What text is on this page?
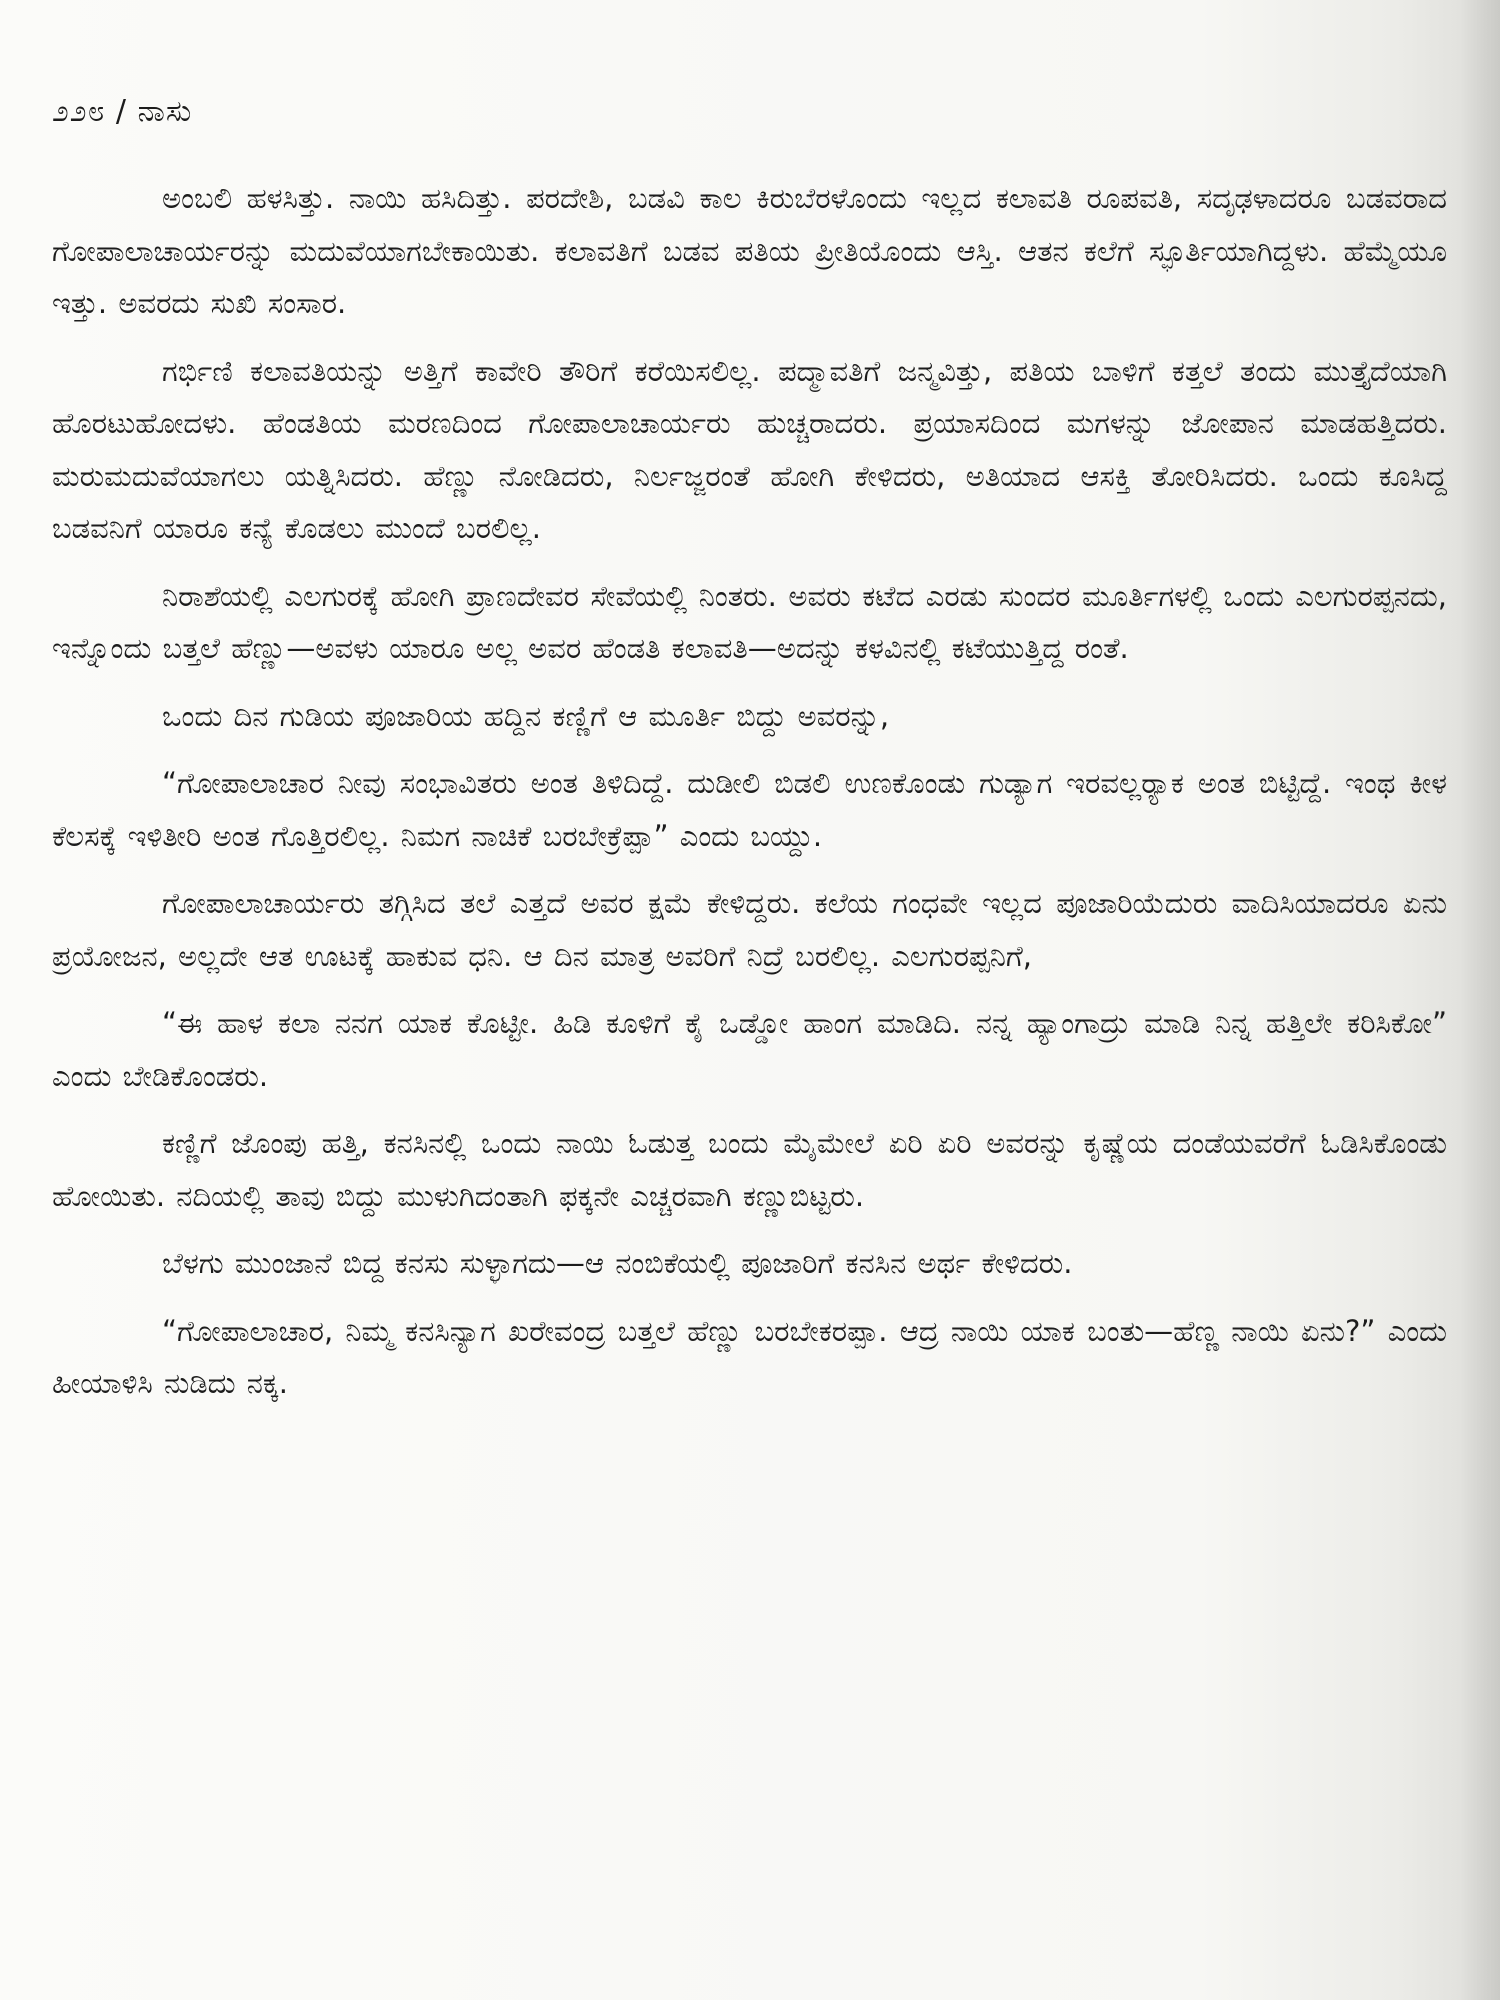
೨೨೮ / ನಾಸು

ಅಂಬಲಿ ಹಳಸಿತ್ತು. ನಾಯಿ ಹಸಿದಿತ್ತು. ಪರದೇಶಿ, ಬಡವಿ ಕಾಲ ಕಿರುಬೆರಳೊಂದು ಇಲ್ಲದ ಕಲಾವತಿ ರೂಪವತಿ, ಸದೃಢಳಾದರೂ ಬಡವರಾದ ಗೋಪಾಲಾಚಾರ್ಯರನ್ನು ಮದುವೆಯಾಗಬೇಕಾಯಿತು. ಕಲಾವತಿಗೆ ಬಡವ ಪತಿಯ ಪ್ರೀತಿಯೊಂದು ಆಸ್ತಿ. ಆತನ ಕಲೆಗೆ ಸ್ಫೂರ್ತಿಯಾಗಿದ್ದಳು. ಹೆಮ್ಮೆಯೂ ಇತ್ತು. ಅವರದು ಸುಖಿ ಸಂಸಾರ.

ಗರ್ಭಿಣಿ ಕಲಾವತಿಯನ್ನು ಅತ್ತಿಗೆ ಕಾವೇರಿ ತೌರಿಗೆ ಕರೆಯಿಸಲಿಲ್ಲ. ಪದ್ಮಾವತಿಗೆ ಜನ್ಮವಿತ್ತು, ಪತಿಯ ಬಾಳಿಗೆ ಕತ್ತಲೆ ತಂದು ಮುತ್ತೈದೆಯಾಗಿ ಹೊರಟುಹೋದಳು. ಹೆಂಡತಿಯ ಮರಣದಿಂದ ಗೋಪಾಲಾಚಾರ್ಯರು ಹುಚ್ಚರಾದರು. ಪ್ರಯಾಸದಿಂದ ಮಗಳನ್ನು ಜೋಪಾನ ಮಾಡಹತ್ತಿದರು. ಮರುಮದುವೆಯಾಗಲು ಯತ್ನಿಸಿದರು. ಹೆಣ್ಣು ನೋಡಿದರು, ನಿರ್ಲಜ್ಜರಂತೆ ಹೋಗಿ ಕೇಳಿದರು, ಅತಿಯಾದ ಆಸಕ್ತಿ ತೋರಿಸಿದರು. ಒಂದು ಕೂಸಿದ್ದ ಬಡವನಿಗೆ ಯಾರೂ ಕನ್ಯೆ ಕೊಡಲು ಮುಂದೆ ಬರಲಿಲ್ಲ.

ನಿರಾಶೆಯಲ್ಲಿ ಎಲಗುರಕ್ಕೆ ಹೋಗಿ ಪ್ರಾಣದೇವರ ಸೇವೆಯಲ್ಲಿ ನಿಂತರು. ಅವರು ಕಟೆದ ಎರಡು ಸುಂದರ ಮೂರ್ತಿಗಳಲ್ಲಿ ಒಂದು ಎಲಗುರಪ್ಪನದು, ಇನ್ನೊಂದು ಬತ್ತಲೆ ಹೆಣ್ಣು—ಅವಳು ಯಾರೂ ಅಲ್ಲ ಅವರ ಹೆಂಡತಿ ಕಲಾವತಿ—ಅದನ್ನು ಕಳವಿನಲ್ಲಿ ಕಟೆಯುತ್ತಿದ್ದ ರಂತೆ.

ಒಂದು ದಿನ ಗುಡಿಯ ಪೂಜಾರಿಯ ಹದ್ದಿನ ಕಣ್ಣಿಗೆ ಆ ಮೂರ್ತಿ ಬಿದ್ದು ಅವರನ್ನು,

“ಗೋಪಾಲಾಚಾರ ನೀವು ಸಂಭಾವಿತರು ಅಂತ ತಿಳಿದಿದ್ದೆ. ದುಡೀಲಿ ಬಿಡಲಿ ಉಣಕೊಂಡು ಗುಡ್ಯಾಗ ಇರವಲ್ಲರ‍್ಯಾಕ ಅಂತ ಬಿಟ್ಟಿದ್ದೆ. ಇಂಥ ಕೀಳ ಕೆಲಸಕ್ಕೆ ಇಳಿತೀರಿ ಅಂತ ಗೊತ್ತಿರಲಿಲ್ಲ. ನಿಮಗ ನಾಚಿಕೆ ಬರಬೇಕ್ರೆಪ್ಪಾ” ಎಂದು ಬಯ್ದು.

ಗೋಪಾಲಾಚಾರ್ಯರು ತಗ್ಗಿಸಿದ ತಲೆ ಎತ್ತದೆ ಅವರ ಕ್ಷಮೆ ಕೇಳಿದ್ದರು. ಕಲೆಯ ಗಂಧವೇ ಇಲ್ಲದ ಪೂಜಾರಿಯೆದುರು ವಾದಿಸಿಯಾದರೂ ಏನು ಪ್ರಯೋಜನ, ಅಲ್ಲದೇ ಆತ ಊಟಕ್ಕೆ ಹಾಕುವ ಧನಿ. ಆ ದಿನ ಮಾತ್ರ ಅವರಿಗೆ ನಿದ್ರೆ ಬರಲಿಲ್ಲ. ಎಲಗುರಪ್ಪನಿಗೆ,

“ಈ ಹಾಳ ಕಲಾ ನನಗ ಯಾಕ ಕೊಟ್ಟೀ. ಹಿಡಿ ಕೂಳಿಗೆ ಕೈ ಒಡ್ಡೋ ಹಾಂಗ ಮಾಡಿದಿ. ನನ್ನ ಹ್ಯಾಂಗಾದ್ರು ಮಾಡಿ ನಿನ್ನ ಹತ್ತಿಲೇ ಕರಿಸಿಕೋ” ಎಂದು ಬೇಡಿಕೊಂಡರು.

ಕಣ್ಣಿಗೆ ಜೊಂಪು ಹತ್ತಿ, ಕನಸಿನಲ್ಲಿ ಒಂದು ನಾಯಿ ಓಡುತ್ತ ಬಂದು ಮೈಮೇಲೆ ಏರಿ ಏರಿ ಅವರನ್ನು ಕೃಷ್ಣೆಯ ದಂಡೆಯವರೆಗೆ ಓಡಿಸಿಕೊಂಡು ಹೋಯಿತು. ನದಿಯಲ್ಲಿ ತಾವು ಬಿದ್ದು ಮುಳುಗಿದಂತಾಗಿ ಫಕ್ಕನೇ ಎಚ್ಚರವಾಗಿ ಕಣ್ಣುಬಿಟ್ಟರು.

ಬೆಳಗು ಮುಂಜಾನೆ ಬಿದ್ದ ಕನಸು ಸುಳ್ಳಾಗದು—ಆ ನಂಬಿಕೆಯಲ್ಲಿ ಪೂಜಾರಿಗೆ ಕನಸಿನ ಅರ್ಥ ಕೇಳಿದರು.

“ಗೋಪಾಲಾಚಾರ, ನಿಮ್ಮ ಕನಸಿನ್ಯಾಗ ಖರೇವಂದ್ರ ಬತ್ತಲೆ ಹೆಣ್ಣು ಬರಬೇಕರಪ್ಪಾ. ಆದ್ರ ನಾಯಿ ಯಾಕ ಬಂತು—ಹೆಣ್ಣ ನಾಯಿ ಏನು?” ಎಂದು ಹೀಯಾಳಿಸಿ ನುಡಿದು ನಕ್ಕ.
